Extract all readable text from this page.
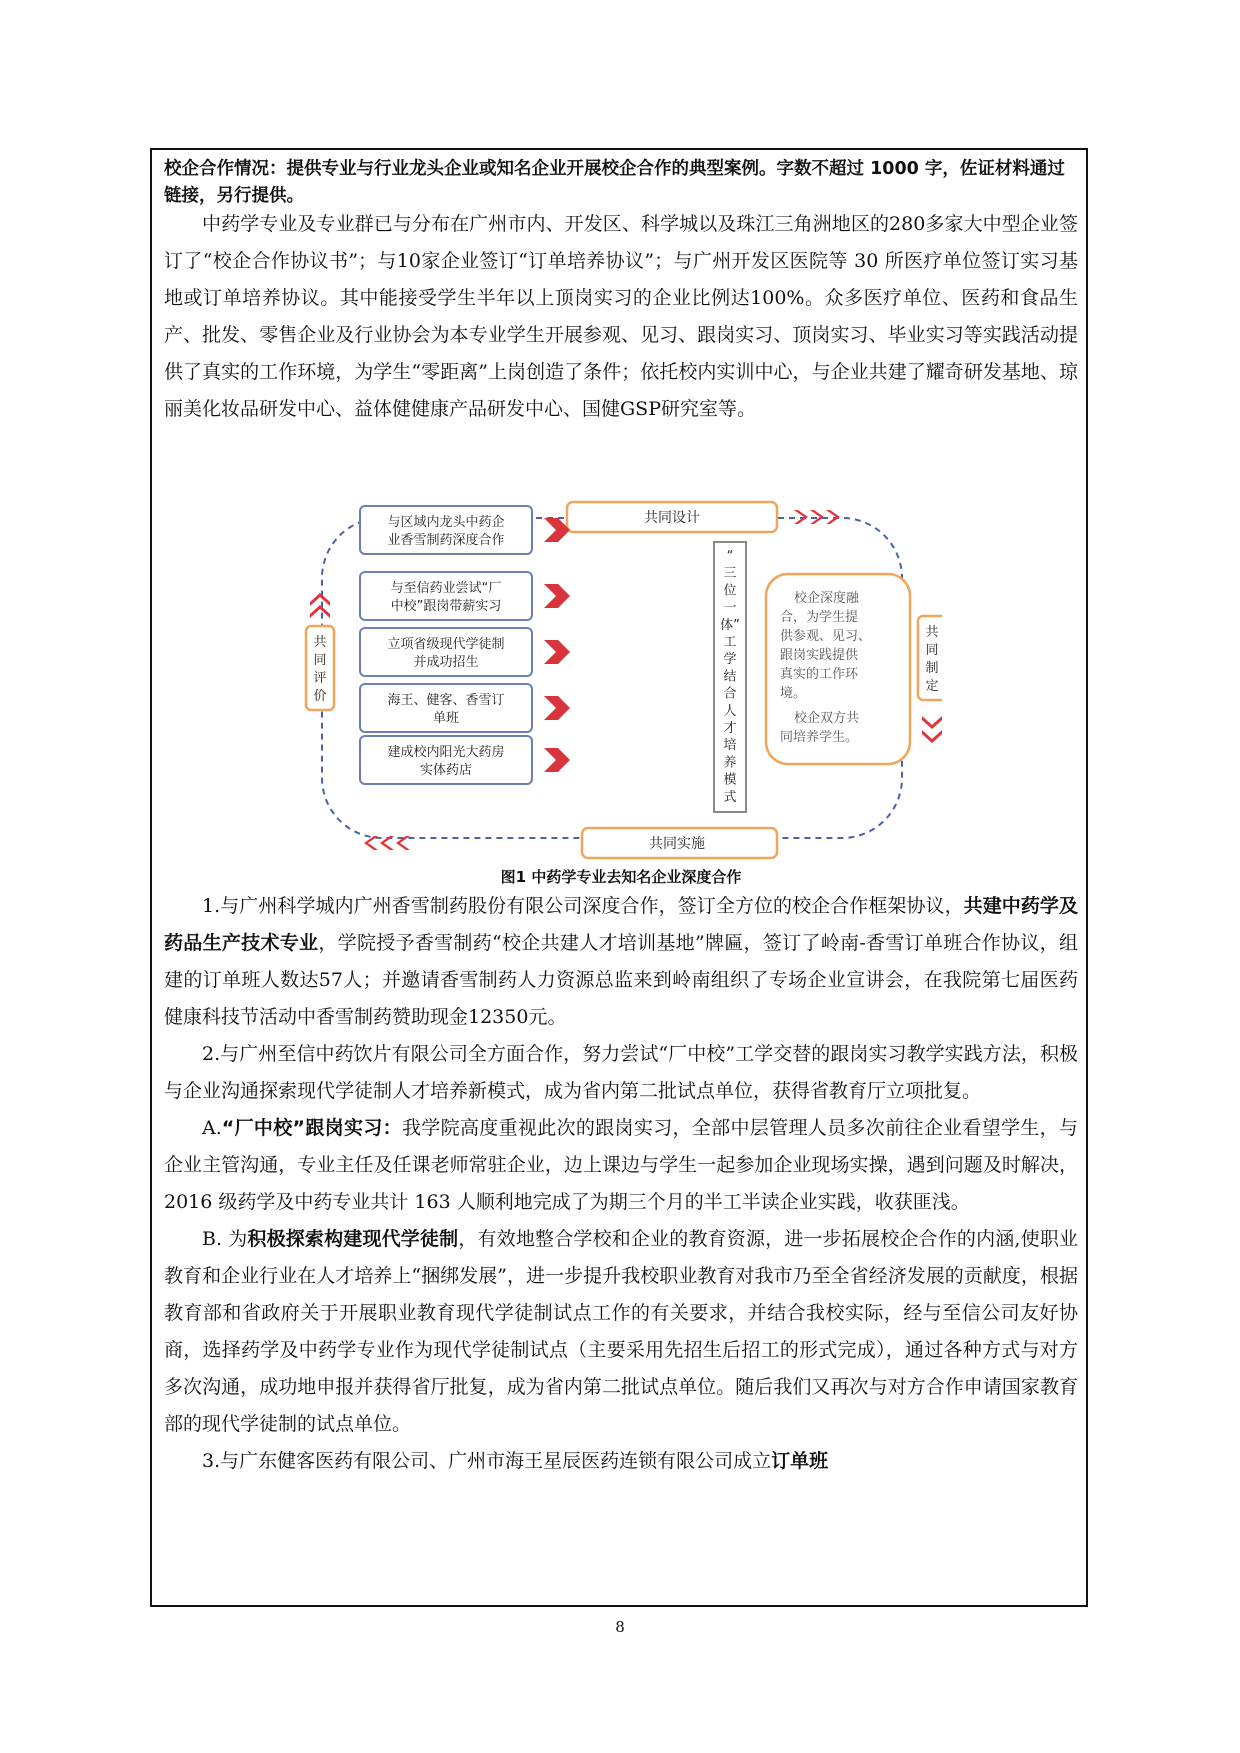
校企合作情况：提供专业与行业龙头企业或知名企业开展校企合作的典型案例。字数不超过 1000 字，佐证材料通过链接，另行提供。

中药学专业及专业群已与分布在广州市内、开发区、科学城以及珠江三角洲地区的280多家大中型企业签订了“校企合作协议书”；与10家企业签订“订单培养协议”；与广州开发区医院等 30 所医疗单位签订实习基地或订单培养协议。其中能接受学生半年以上顶岗实习的企业比例达100%。众多医疗单位、医药和食品生产、批发、零售企业及行业协会为本专业学生开展参观、见习、跟岗实习、顶岗实习、毕业实习等实践活动提供了真实的工作环境，为学生“零距离”上岗创造了条件；依托校内实训中心，与企业共建了耀奇研发基地、琼丽美化妆品研发中心、益体健健康产品研发中心、国健GSP研究室等。

共同设计
共同实施
共同评价
共同制定
与区域内龙头中药企
业香雪制药深度合作
与至信药业尝试“厂
中校”跟岗带薪实习
立项省级现代学徒制
并成功招生
海王、健客、香雪订
单班
建成校内阳光大药房
实体药店
“三位一体”工学结合人才培养模式
校企深度融合，为学生提供参观、见习、跟岗实践提供真实的工作环境。校企双方共同培养学生。
图1 中药学专业去知名企业深度合作

1.与广州科学城内广州香雪制药股份有限公司深度合作，签订全方位的校企合作框架协议，共建中药学及药品生产技术专业，学院授予香雪制药“校企共建人才培训基地”牌匾，签订了岭南-香雪订单班合作协议，组建的订单班人数达57人；并邀请香雪制药人力资源总监来到岭南组织了专场企业宣讲会，在我院第七届医药健康科技节活动中香雪制药赞助现金12350元。

2.与广州至信中药饮片有限公司全方面合作，努力尝试“厂中校”工学交替的跟岗实习教学实践方法，积极与企业沟通探索现代学徒制人才培养新模式，成为省内第二批试点单位，获得省教育厅立项批复。

A.“厂中校”跟岗实习：我学院高度重视此次的跟岗实习，全部中层管理人员多次前往企业看望学生，与企业主管沟通，专业主任及任课老师常驻企业，边上课边与学生一起参加企业现场实操，遇到问题及时解决，2016 级药学及中药专业共计 163 人顺利地完成了为期三个月的半工半读企业实践，收获匪浅。

B. 为积极探索构建现代学徒制，有效地整合学校和企业的教育资源，进一步拓展校企合作的内涵,使职业教育和企业行业在人才培养上“捆绑发展”，进一步提升我校职业教育对我市乃至全省经济发展的贡献度，根据教育部和省政府关于开展职业教育现代学徒制试点工作的有关要求，并结合我校实际，经与至信公司友好协商，选择药学及中药学专业作为现代学徒制试点（主要采用先招生后招工的形式完成），通过各种方式与对方多次沟通，成功地申报并获得省厅批复，成为省内第二批试点单位。随后我们又再次与对方合作申请国家教育部的现代学徒制的试点单位。

3.与广东健客医药有限公司、广州市海王星辰医药连锁有限公司成立订单班

8
